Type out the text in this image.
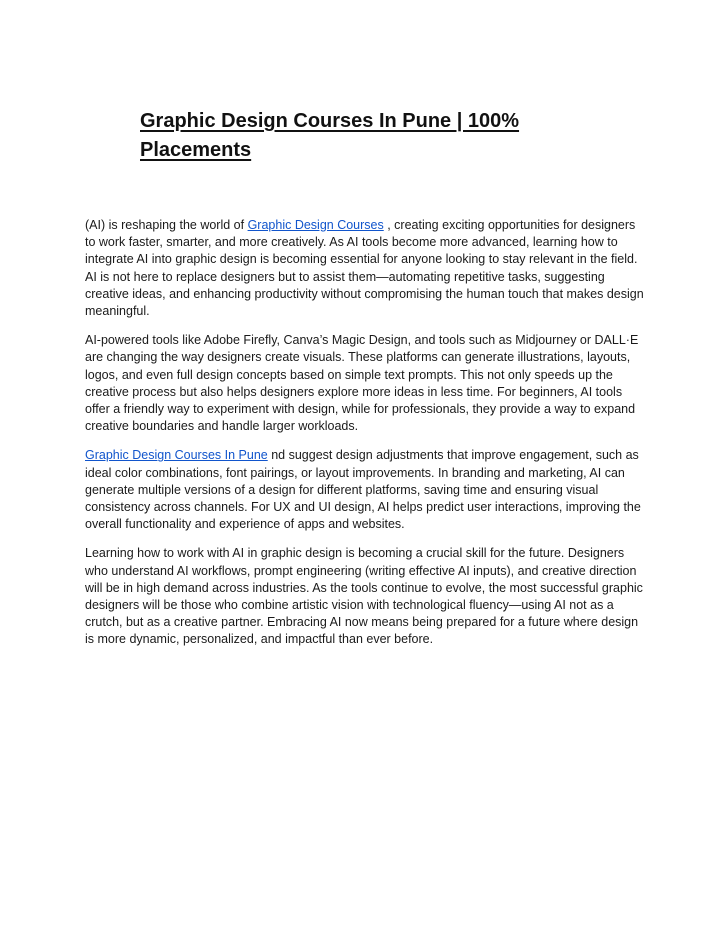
Graphic Design Courses In Pune | 100% Placements

(AI) is reshaping the world of Graphic Design Courses , creating exciting opportunities for designers to work faster, smarter, and more creatively. As AI tools become more advanced, learning how to integrate AI into graphic design is becoming essential for anyone looking to stay relevant in the field. AI is not here to replace designers but to assist them—automating repetitive tasks, suggesting creative ideas, and enhancing productivity without compromising the human touch that makes design meaningful.

AI-powered tools like Adobe Firefly, Canva’s Magic Design, and tools such as Midjourney or DALL·E are changing the way designers create visuals. These platforms can generate illustrations, layouts, logos, and even full design concepts based on simple text prompts. This not only speeds up the creative process but also helps designers explore more ideas in less time. For beginners, AI tools offer a friendly way to experiment with design, while for professionals, they provide a way to expand creative boundaries and handle larger workloads.

Graphic Design Courses In Pune nd suggest design adjustments that improve engagement, such as ideal color combinations, font pairings, or layout improvements. In branding and marketing, AI can generate multiple versions of a design for different platforms, saving time and ensuring visual consistency across channels. For UX and UI design, AI helps predict user interactions, improving the overall functionality and experience of apps and websites.

Learning how to work with AI in graphic design is becoming a crucial skill for the future. Designers who understand AI workflows, prompt engineering (writing effective AI inputs), and creative direction will be in high demand across industries. As the tools continue to evolve, the most successful graphic designers will be those who combine artistic vision with technological fluency—using AI not as a crutch, but as a creative partner. Embracing AI now means being prepared for a future where design is more dynamic, personalized, and impactful than ever before.
